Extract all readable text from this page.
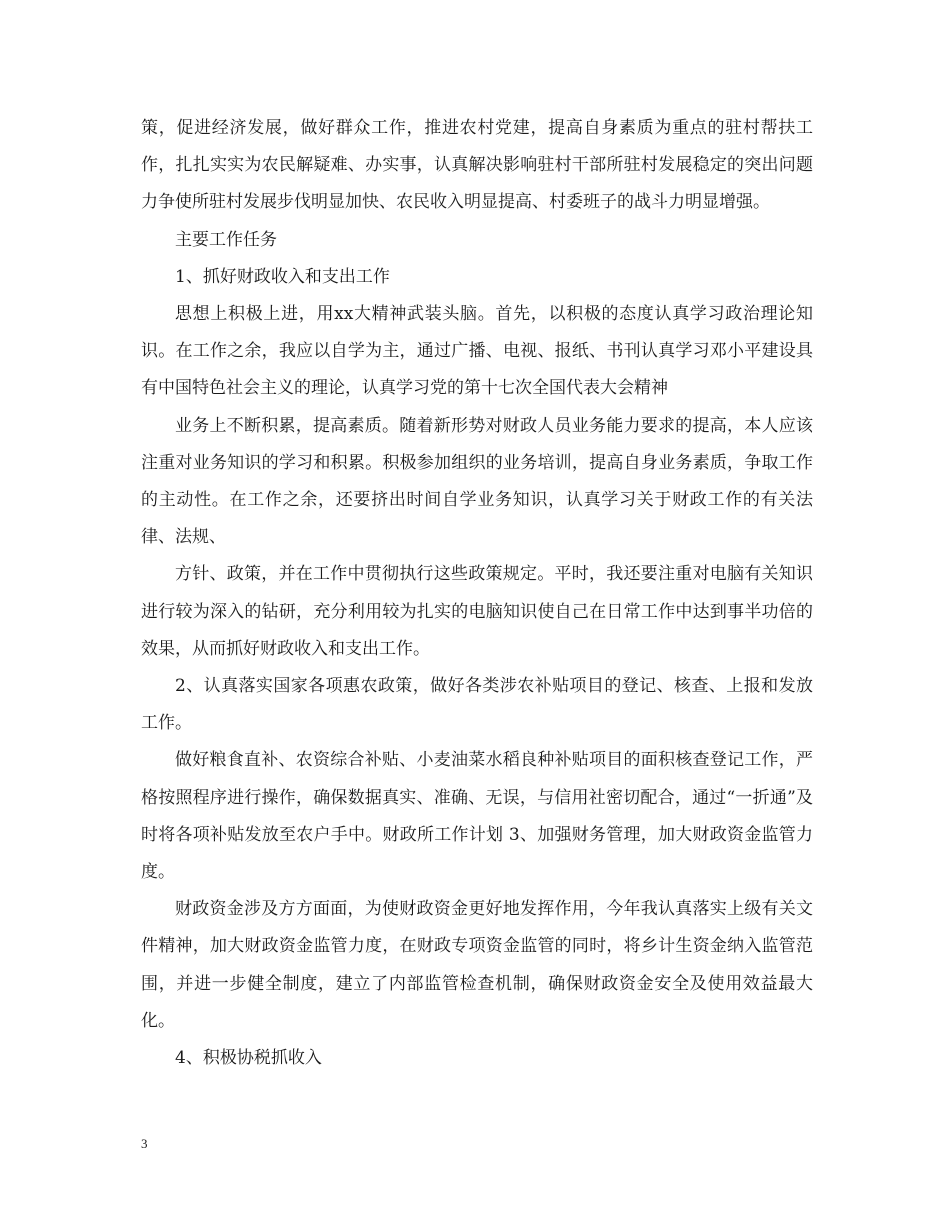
策，促进经济发展，做好群众工作，推进农村党建，提高自身素质为重点的驻村帮扶工作，扎扎实实为农民解疑难、办实事，认真解决影响驻村干部所驻村发展稳定的突出问题力争使所驻村发展步伐明显加快、农民收入明显提高、村委班子的战斗力明显增强。

主要工作任务

1、抓好财政收入和支出工作

思想上积极上进，用xx大精神武装头脑。首先，以积极的态度认真学习政治理论知识。在工作之余，我应以自学为主，通过广播、电视、报纸、书刊认真学习邓小平建设具有中国特色社会主义的理论，认真学习党的第十七次全国代表大会精神

业务上不断积累，提高素质。随着新形势对财政人员业务能力要求的提高，本人应该注重对业务知识的学习和积累。积极参加组织的业务培训，提高自身业务素质，争取工作的主动性。在工作之余，还要挤出时间自学业务知识，认真学习关于财政工作的有关法律、法规、

方针、政策，并在工作中贯彻执行这些政策规定。平时，我还要注重对电脑有关知识进行较为深入的钻研，充分利用较为扎实的电脑知识使自己在日常工作中达到事半功倍的效果，从而抓好财政收入和支出工作。

2、认真落实国家各项惠农政策，做好各类涉农补贴项目的登记、核查、上报和发放工作。

做好粮食直补、农资综合补贴、小麦油菜水稻良种补贴项目的面积核查登记工作，严格按照程序进行操作，确保数据真实、准确、无误，与信用社密切配合，通过“一折通”及时将各项补贴发放至农户手中。财政所工作计划 3、加强财务管理，加大财政资金监管力度。

财政资金涉及方方面面，为使财政资金更好地发挥作用，今年我认真落实上级有关文件精神，加大财政资金监管力度，在财政专项资金监管的同时，将乡计生资金纳入监管范围，并进一步健全制度，建立了内部监管检查机制，确保财政资金安全及使用效益最大化。

4、积极协税抓收入

3
